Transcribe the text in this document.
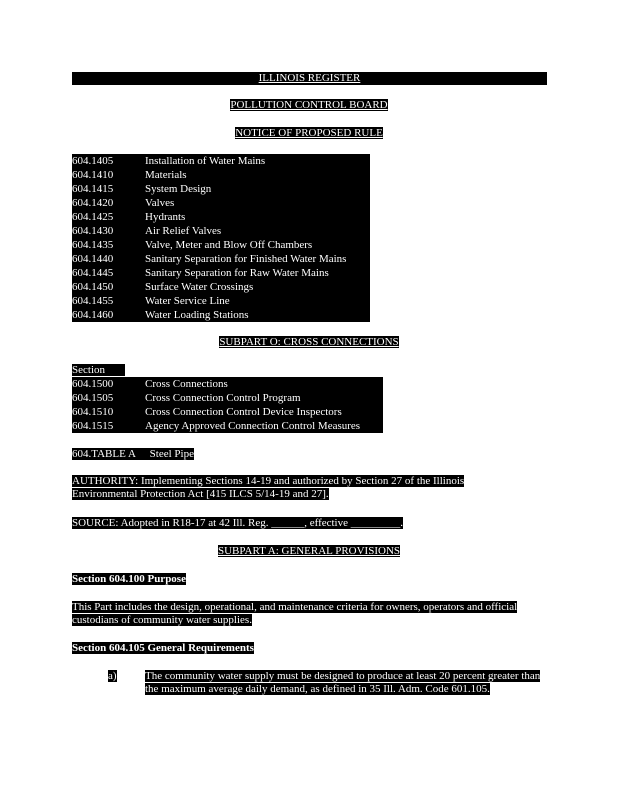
ILLINOIS REGISTER
POLLUTION CONTROL BOARD
NOTICE OF PROPOSED RULE
604.1405	Installation of Water Mains
604.1410	Materials
604.1415	System Design
604.1420	Valves
604.1425	Hydrants
604.1430	Air Relief Valves
604.1435	Valve, Meter and Blow Off Chambers
604.1440	Sanitary Separation for Finished Water Mains
604.1445	Sanitary Separation for Raw Water Mains
604.1450	Surface Water Crossings
604.1455	Water Service Line
604.1460	Water Loading Stations
SUBPART O: CROSS CONNECTIONS
Section
604.1500	Cross Connections
604.1505	Cross Connection Control Program
604.1510	Cross Connection Control Device Inspectors
604.1515	Agency Approved Connection Control Measures
604.TABLE A Steel Pipe
AUTHORITY: Implementing Sections 14-19 and authorized by Section 27 of the Illinois Environmental Protection Act [415 ILCS 5/14-19 and 27].
SOURCE: Adopted in R18-17 at 42 Ill. Reg. ______, effective _________.
SUBPART A: GENERAL PROVISIONS
Section 604.100 Purpose
This Part includes the design, operational, and maintenance criteria for owners, operators and official custodians of community water supplies.
Section 604.105 General Requirements
a)	The community water supply must be designed to produce at least 20 percent greater than the maximum average daily demand, as defined in 35 Ill. Adm. Code 601.105.
